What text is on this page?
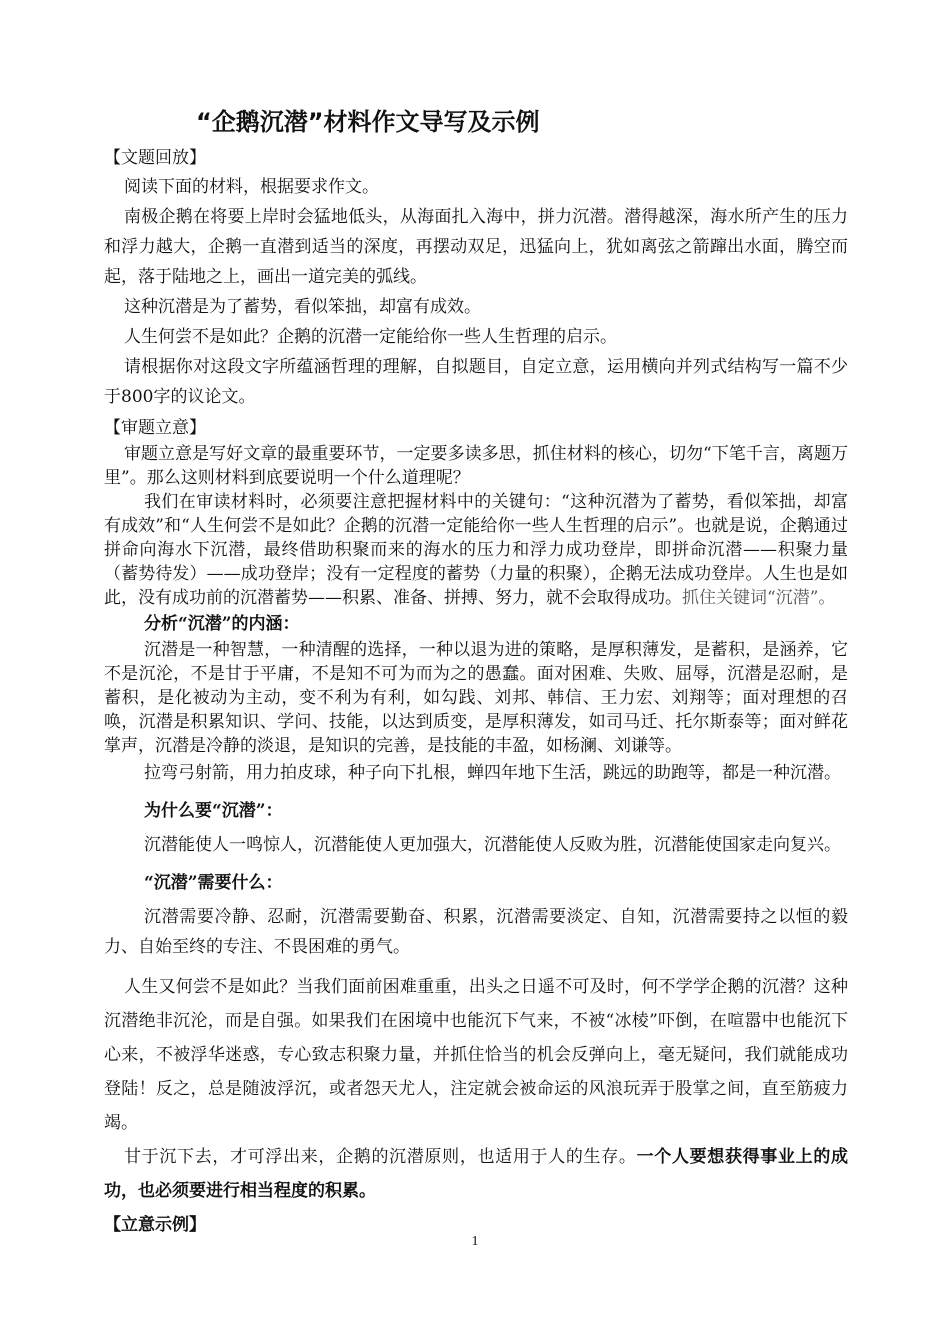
“企鹅沉潜”材料作文导写及示例
【文题回放】

阅读下面的材料，根据要求作文。

南极企鹅在将要上岸时会猛地低头，从海面扎入海中，拼力沉潜。潜得越深，海水所产生的压力和浮力越大，企鹅一直潜到适当的深度，再摆动双足，迅猛向上，犹如离弦之箭蹿出水面，腾空而起，落于陆地之上，画出一道完美的弧线。

这种沉潜是为了蓄势，看似笨拙，却富有成效。

人生何尝不是如此？企鹅的沉潜一定能给你一些人生哲理的启示。

请根据你对这段文字所蕴涵哲理的理解，自拟题目，自定立意，运用横向并列式结构写一篇不少于800字的议论文。

【审题立意】

审题立意是写好文章的最重要环节，一定要多读多思，抓住材料的核心，切勿“下笔千言，离题万里”。那么这则材料到底要说明一个什么道理呢？

我们在审读材料时，必须要注意把握材料中的关键句：“这种沉潜为了蓄势，看似笨拙，却富有成效”和“人生何尝不是如此？企鹅的沉潜一定能给你一些人生哲理的启示”。也就是说，企鹅通过拼命向海水下沉潜，最终借助积聚而来的海水的压力和浮力成功登岸，即拼命沉潜——积聚力量（蓄势待发）——成功登岸；没有一定程度的蓄势（力量的积聚），企鹅无法成功登岸。人生也是如此，没有成功前的沉潜蓄势——积累、准备、拼搏、努力，就不会取得成功。抓住关键词“沉潜”。

分析“沉潜”的内涵：

沉潜是一种智慧，一种清醒的选择，一种以退为进的策略，是厚积薄发，是蓄积，是涵养，它不是沉沦，不是甘于平庸，不是知不可为而为之的愚蠢。面对困难、失败、屈辱，沉潜是忍耐，是蓄积，是化被动为主动，变不利为有利，如勾践、刘邦、韩信、王力宏、刘翔等；面对理想的召唤，沉潜是积累知识、学问、技能，以达到质变，是厚积薄发，如司马迁、托尔斯泰等；面对鲜花掌声，沉潜是冷静的淡退，是知识的完善，是技能的丰盈，如杨澜、刘谦等。

拉弯弓射箭，用力拍皮球，种子向下扎根，蝉四年地下生活，跳远的助跑等，都是一种沉潜。

为什么要“沉潜”：

沉潜能使人一鸣惊人，沉潜能使人更加强大，沉潜能使人反败为胜，沉潜能使国家走向复兴。

“沉潜”需要什么：

沉潜需要冷静、忍耐，沉潜需要勤奋、积累，沉潜需要淡定、自知，沉潜需要持之以恒的毅力、自始至终的专注、不畏困难的勇气。

人生又何尝不是如此？当我们面前困难重重，出头之日遥不可及时，何不学学企鹅的沉潜？这种沉潜绝非沉沦，而是自强。如果我们在困境中也能沉下气来，不被“冰棱”吓倒，在喧嚣中也能沉下心来，不被浮华迷惑，专心致志积聚力量，并抓住恰当的机会反弹向上，毫无疑问，我们就能成功登陆！反之，总是随波浮沉，或者怨天尤人，注定就会被命运的风浪玩弄于股掌之间，直至筋疲力竭。

甘于沉下去，才可浮出来，企鹅的沉潜原则，也适用于人的生存。一个人要想获得事业上的成功，也必须要进行相当程度的积累。

【立意示例】
1
